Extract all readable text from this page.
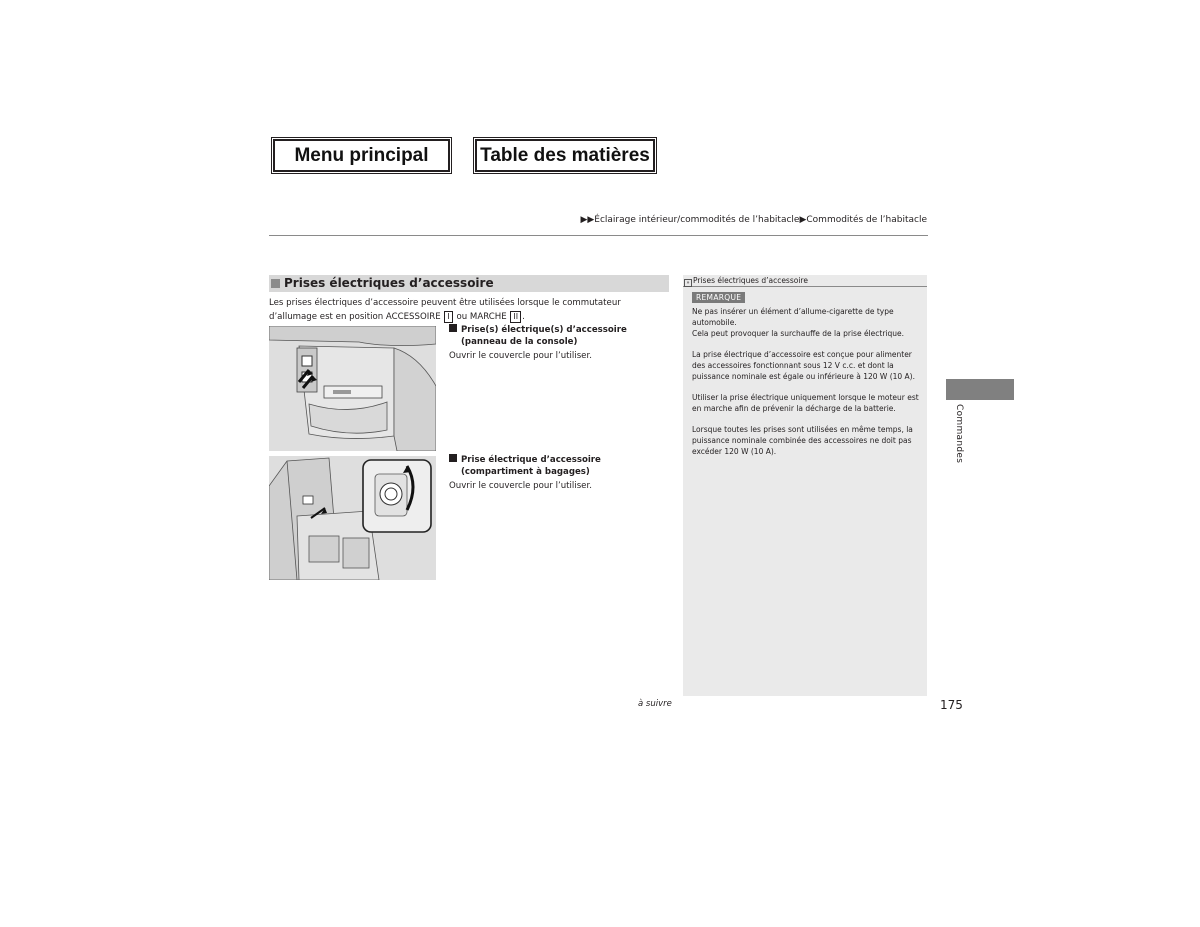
Menu principal	Table des matières
▶▶Éclairage intérieur/commodités de l’habitacle▶Commodités de l’habitacle
Prises électriques d’accessoire
Les prises électriques d’accessoire peuvent être utilisées lorsque le commutateur d’allumage est en position ACCESSOIRE I ou MARCHE II .
Prise(s) électrique(s) d’accessoire (panneau de la console)
Ouvrir le couvercle pour l’utiliser.
Prise électrique d’accessoire (compartiment à bagages)
Ouvrir le couvercle pour l’utiliser.
» Prises électriques d’accessoire
REMARQUE

Ne pas insérer un élément d’allume-cigarette de type automobile.
Cela peut provoquer la surchauffe de la prise électrique.

La prise électrique d’accessoire est conçue pour alimenter des accessoires fonctionnant sous 12 V c.c. et dont la puissance nominale est égale ou inférieure à 120 W (10 A).

Utiliser la prise électrique uniquement lorsque le moteur est en marche afin de prévenir la décharge de la batterie.

Lorsque toutes les prises sont utilisées en même temps, la puissance nominale combinée des accessoires ne doit pas excéder 120 W (10 A).	Commandes
à suivre	175
